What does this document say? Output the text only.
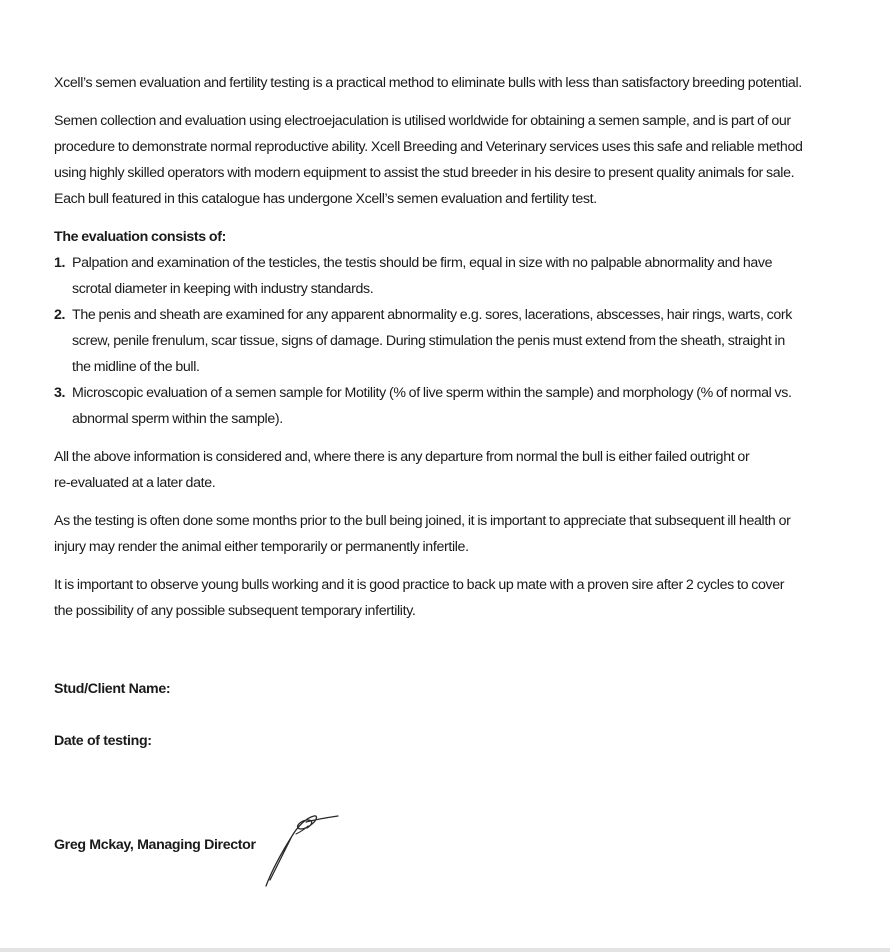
Xcell’s semen evaluation and fertility testing is a practical method to eliminate bulls with less than satisfactory breeding potential.

Semen collection and evaluation using electroejaculation is utilised worldwide for obtaining a semen sample, and is part of our
procedure to demonstrate normal reproductive ability. Xcell Breeding and Veterinary services uses this safe and reliable method
using highly skilled operators with modern equipment to assist the stud breeder in his desire to present quality animals for sale.
Each bull featured in this catalogue has undergone Xcell’s semen evaluation and fertility test.

The evaluation consists of:

1. Palpation and examination of the testicles, the testis should be firm, equal in size with no palpable abnormality and have
scrotal diameter in keeping with industry standards.
2. The penis and sheath are examined for any apparent abnormality e.g. sores, lacerations, abscesses, hair rings, warts, cork
screw, penile frenulum, scar tissue, signs of damage. During stimulation the penis must extend from the sheath, straight in
the midline of the bull.
3. Microscopic evaluation of a semen sample for Motility (% of live sperm within the sample) and morphology (% of normal vs.
abnormal sperm within the sample).
All the above information is considered and, where there is any departure from normal the bull is either failed outright or
re-evaluated at a later date.
As the testing is often done some months prior to the bull being joined, it is important to appreciate that subsequent ill health or
injury may render the animal either temporarily or permanently infertile.
It is important to observe young bulls working and it is good practice to back up mate with a proven sire after 2 cycles to cover
the possibility of any possible subsequent temporary infertility.
Stud/Client Name:
Date of testing:
Greg Mckay, Managing Director
